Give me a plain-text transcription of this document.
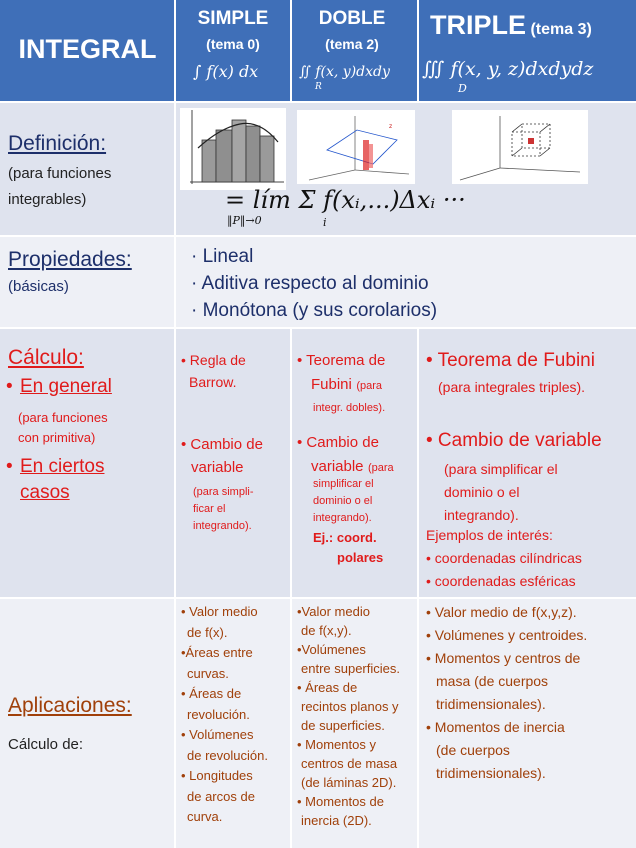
INTEGRAL
SIMPLE
(tema 0)
∫ f(x) dx
DOBLE
(tema 2)
∬ f(x, y)dxdy
R
TRIPLE (tema 3)
∭ f(x, y, z)dxdydz
D
Definición:
(para funciones
integrables)
z
= lím Σ f(xᵢ,...)Δxᵢ ···
‖P‖→0	i
Propiedades:
(básicas)
· Lineal
· Aditiva respecto al dominio
· Monótona (y sus corolarios)
Cálculo:
• En general
(para funciones
con primitiva)
• En ciertos
casos
• Regla de
Barrow.
• Cambio de
variable
(para simpli-
ficar el
integrando).
• Teorema de
Fubini (para
integr. dobles).
• Cambio de
variable (para
simplificar el
dominio o el
integrando).
Ej.: coord.
polares
• Teorema de Fubini
(para integrales triples).
• Cambio de variable
(para simplificar el
dominio o el
integrando).
Ejemplos de interés:
• coordenadas cilíndricas
• coordenadas esféricas
Aplicaciones:
Cálculo de:
• Valor medio
de f(x).
•Áreas entre
curvas.
• Áreas de
revolución.
• Volúmenes
de revolución.
• Longitudes
de arcos de
curva.
•Valor medio
de f(x,y).
•Volúmenes
entre superficies.
• Áreas de
recintos planos y
de superficies.
• Momentos y
centros de masa
(de láminas 2D).
• Momentos de
inercia (2D).
• Valor medio de f(x,y,z).
• Volúmenes y centroides.
• Momentos y centros de
masa (de cuerpos
tridimensionales).
• Momentos de inercia
(de cuerpos
tridimensionales).
